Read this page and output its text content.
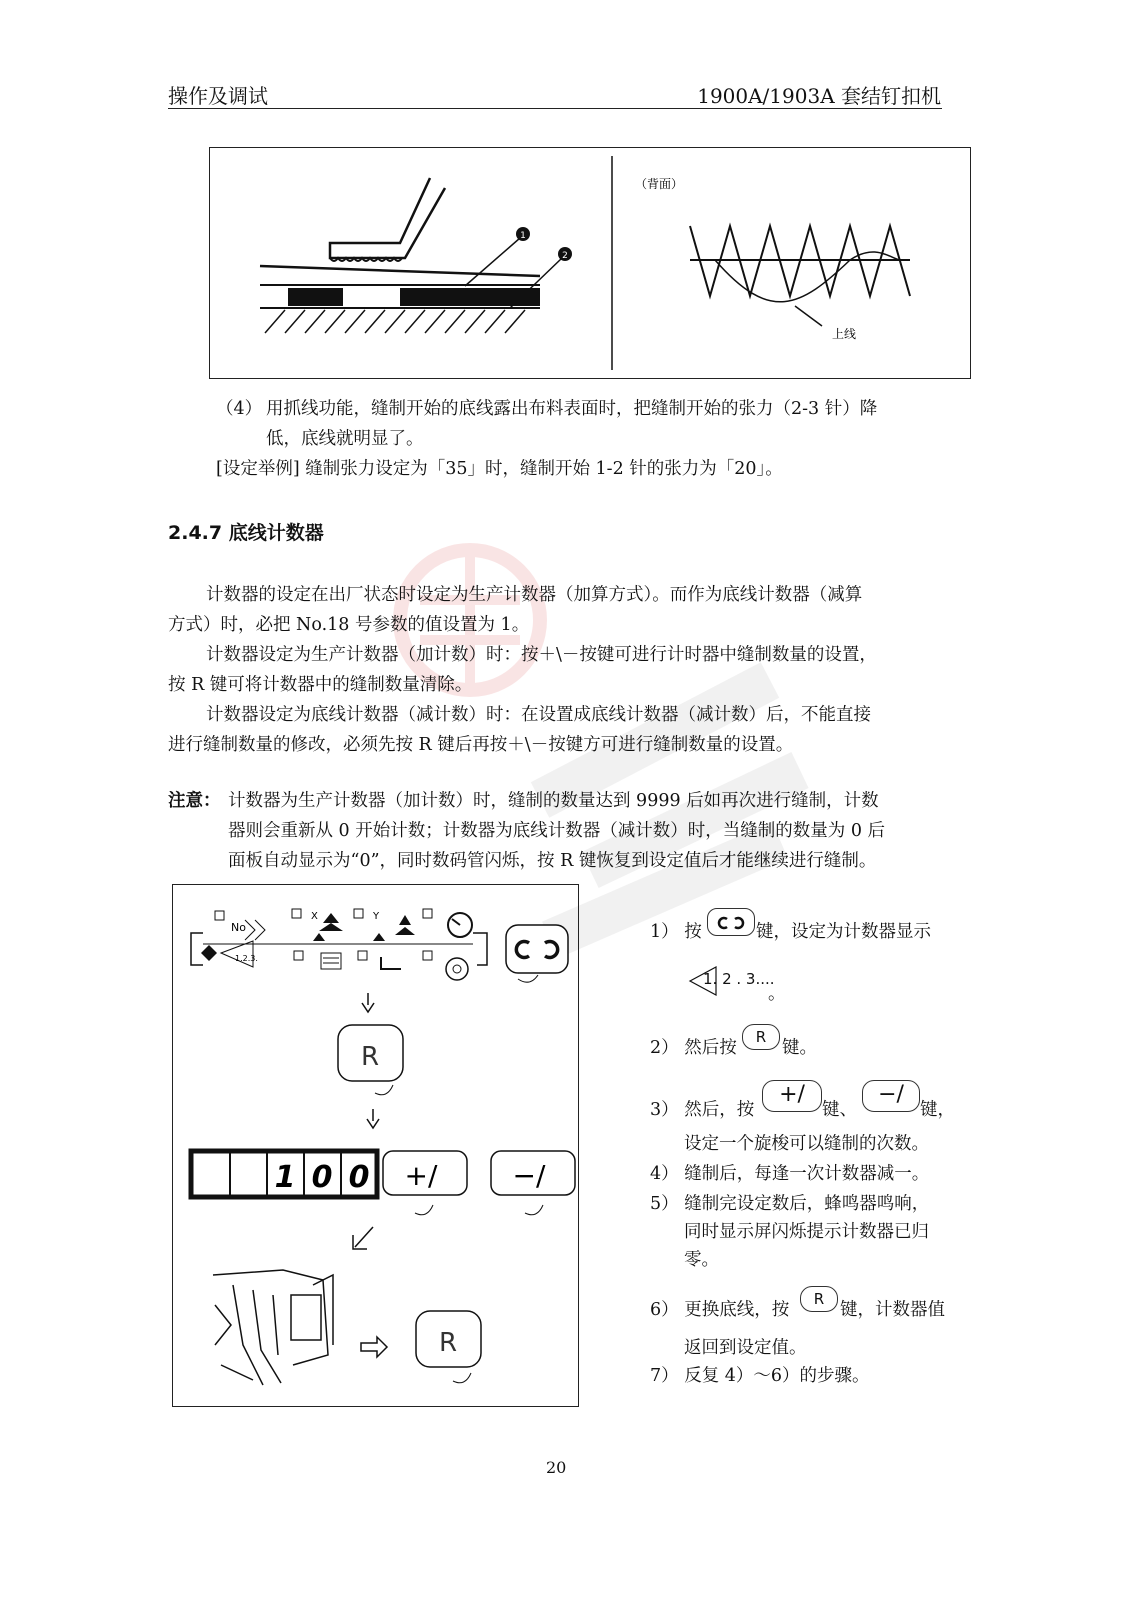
操作及调试	1900A/1903A 套结钉扣机
1
2
（背面）
上线
（4） 用抓线功能，缝制开始的底线露出布料表面时，把缝制开始的张力（2-3 针）降
低，底线就明显了。
[设定举例] 缝制张力设定为「35」时，缝制开始 1-2 针的张力为「20」。
2.4.7 底线计数器
计数器的设定在出厂状态时设定为生产计数器（加算方式）。而作为底线计数器（减算
方式）时，必把 No.18 号参数的值设置为 1。
计数器设定为生产计数器（加计数）时：按＋\－按键可进行计时器中缝制数量的设置，
按 R 键可将计数器中的缝制数量清除。
计数器设定为底线计数器（减计数）时：在设置成底线计数器（减计数）后，不能直接
进行缝制数量的修改，必须先按 R 键后再按＋\－按键方可进行缝制数量的设置。
注意： 计数器为生产计数器（加计数）时，缝制的数量达到 9999 后如再次进行缝制，计数
器则会重新从 0 开始计数；计数器为底线计数器（减计数）时，当缝制的数量为 0 后
面板自动显示为“0”，同时数码管闪烁，按 R 键恢复到设定值后才能继续进行缝制。
No
X	Y
1.2.3.
R
1 0 0 +/	−/
R
1） 按	键，设定为计数器显示
1. 2 . 3....
。
2） 然后按
R
键。
3） 然后，按
+/
键、
−/
键，
设定一个旋梭可以缝制的次数。
4） 缝制后，每逢一次计数器减一。
5） 缝制完设定数后，蜂鸣器鸣响，
同时显示屏闪烁提示计数器已归
零。
6） 更换底线，按
R
键，计数器值
返回到设定值。
7） 反复 4）～6）的步骤。
20
